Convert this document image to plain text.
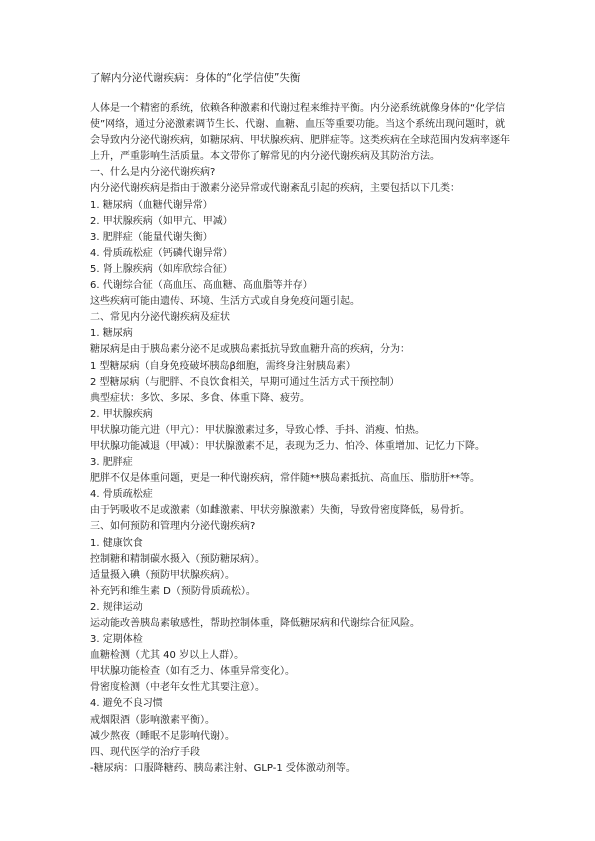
了解内分泌代谢疾病：身体的“化学信使”失衡
人体是一个精密的系统，依赖各种激素和代谢过程来维持平衡。内分泌系统就像身体的“化学信使”网络，通过分泌激素调节生长、代谢、血糖、血压等重要功能。当这个系统出现问题时，就会导致内分泌代谢疾病，如糖尿病、甲状腺疾病、肥胖症等。这类疾病在全球范围内发病率逐年上升，严重影响生活质量。本文带你了解常见的内分泌代谢疾病及其防治方法。
一、什么是内分泌代谢疾病?
内分泌代谢疾病是指由于激素分泌异常或代谢紊乱引起的疾病，主要包括以下几类：
1. 糖尿病（血糖代谢异常）
2. 甲状腺疾病（如甲亢、甲减）
3. 肥胖症（能量代谢失衡）
4. 骨质疏松症（钙磷代谢异常）
5. 肾上腺疾病（如库欣综合征）
6. 代谢综合征（高血压、高血糖、高血脂等并存）
这些疾病可能由遗传、环境、生活方式或自身免疫问题引起。
二、常见内分泌代谢疾病及症状
1. 糖尿病
糖尿病是由于胰岛素分泌不足或胰岛素抵抗导致血糖升高的疾病，分为：
1 型糖尿病（自身免疫破坏胰岛β细胞，需终身注射胰岛素）
2 型糖尿病（与肥胖、不良饮食相关，早期可通过生活方式干预控制）
典型症状：多饮、多尿、多食、体重下降、疲劳。
2. 甲状腺疾病
甲状腺功能亢进（甲亢）：甲状腺激素过多，导致心悸、手抖、消瘦、怕热。
甲状腺功能减退（甲减）：甲状腺激素不足，表现为乏力、怕冷、体重增加、记忆力下降。
3. 肥胖症
肥胖不仅是体重问题，更是一种代谢疾病，常伴随**胰岛素抵抗、高血压、脂肪肝**等。
4. 骨质疏松症
由于钙吸收不足或激素（如雌激素、甲状旁腺激素）失衡，导致骨密度降低，易骨折。
三、如何预防和管理内分泌代谢疾病?
1. 健康饮食
控制糖和精制碳水摄入（预防糖尿病）。
适量摄入碘（预防甲状腺疾病）。
补充钙和维生素 D（预防骨质疏松）。
2. 规律运动
运动能改善胰岛素敏感性，帮助控制体重，降低糖尿病和代谢综合征风险。
3. 定期体检
血糖检测（尤其 40 岁以上人群）。
甲状腺功能检查（如有乏力、体重异常变化）。
骨密度检测（中老年女性尤其要注意）。
4. 避免不良习惯
戒烟限酒（影响激素平衡）。
减少熬夜（睡眠不足影响代谢）。
四、现代医学的治疗手段
-糖尿病：口服降糖药、胰岛素注射、GLP-1 受体激动剂等。
